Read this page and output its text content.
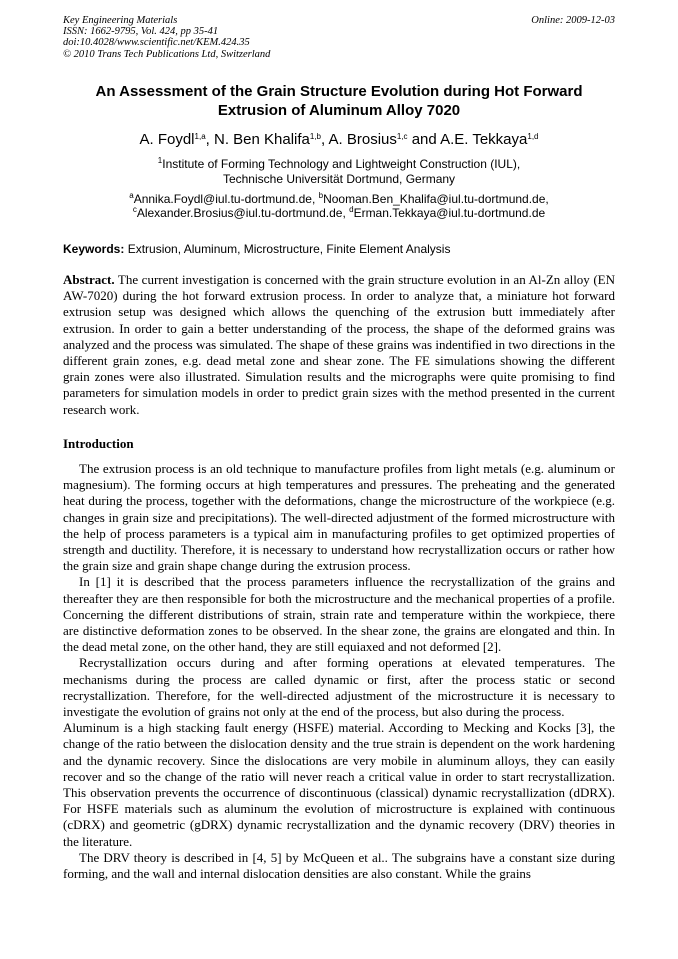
Key Engineering Materials	Online: 2009-12-03
ISSN: 1662-9795, Vol. 424, pp 35-41
doi:10.4028/www.scientific.net/KEM.424.35
© 2010 Trans Tech Publications Ltd, Switzerland
An Assessment of the Grain Structure Evolution during Hot Forward
Extrusion of Aluminum Alloy 7020
A. Foydl$^{1,a}$, N. Ben Khalifa$^{1,b}$, A. Brosius$^{1,c}$ and A.E. Tekkaya$^{1,d}$
$^1$Institute of Forming Technology and Lightweight Construction (IUL),
Technische Universität Dortmund, Germany
$^a$Annika.Foydl@iul.tu-dortmund.de, $^b$Nooman.Ben_Khalifa@iul.tu-dortmund.de,
$^c$Alexander.Brosius@iul.tu-dortmund.de, $^d$Erman.Tekkaya@iul.tu-dortmund.de
Keywords: Extrusion, Aluminum, Microstructure, Finite Element Analysis

Abstract. The current investigation is concerned with the grain structure evolution in an Al-Zn alloy (EN AW-7020) during the hot forward extrusion process. In order to analyze that, a miniature hot forward extrusion setup was designed which allows the quenching of the extrusion butt immediately after extrusion. In order to gain a better understanding of the process, the shape of the deformed grains was analyzed and the process was simulated. The shape of these grains was indentified in two directions in the different grain zones, e.g. dead metal zone and shear zone. The FE simulations showing the different grain zones were also illustrated. Simulation results and the micrographs were quite promising to find parameters for simulation models in order to predict grain sizes with the method presented in the current research work.

Introduction

The extrusion process is an old technique to manufacture profiles from light metals (e.g. aluminum or magnesium). The forming occurs at high temperatures and pressures. The preheating and the generated heat during the process, together with the deformations, change the microstructure of the workpiece (e.g. changes in grain size and precipitations). The well-directed adjustment of the formed microstructure with the help of process parameters is a typical aim in manufacturing profiles to get optimized properties of strength and ductility. Therefore, it is necessary to understand how recrystallization occurs or rather how the grain size and grain shape change during the extrusion process.

In [1] it is described that the process parameters influence the recrystallization of the grains and thereafter they are then responsible for both the microstructure and the mechanical properties of a profile. Concerning the different distributions of strain, strain rate and temperature within the workpiece, there are distinctive deformation zones to be observed. In the shear zone, the grains are elongated and thin. In the dead metal zone, on the other hand, they are still equiaxed and not deformed [2].

Recrystallization occurs during and after forming operations at elevated temperatures. The mechanisms during the process are called dynamic or first, after the process static or second recrystallization. Therefore, for the well-directed adjustment of the microstructure it is necessary to investigate the evolution of grains not only at the end of the process, but also during the process.

Aluminum is a high stacking fault energy (HSFE) material. According to Mecking and Kocks [3], the change of the ratio between the dislocation density and the true strain is dependent on the work hardening and the dynamic recovery. Since the dislocations are very mobile in aluminum alloys, they can easily recover and so the change of the ratio will never reach a critical value in order to start recrystallization. This observation prevents the occurrence of discontinuous (classical) dynamic recrystallization (dDRX). For HSFE materials such as aluminum the evolution of microstructure is explained with continuous (cDRX) and geometric (gDRX) dynamic recrystallization and the dynamic recovery (DRV) theories in the literature.

The DRV theory is described in [4, 5] by McQueen et al.. The subgrains have a constant size during forming, and the wall and internal dislocation densities are also constant. While the grains
